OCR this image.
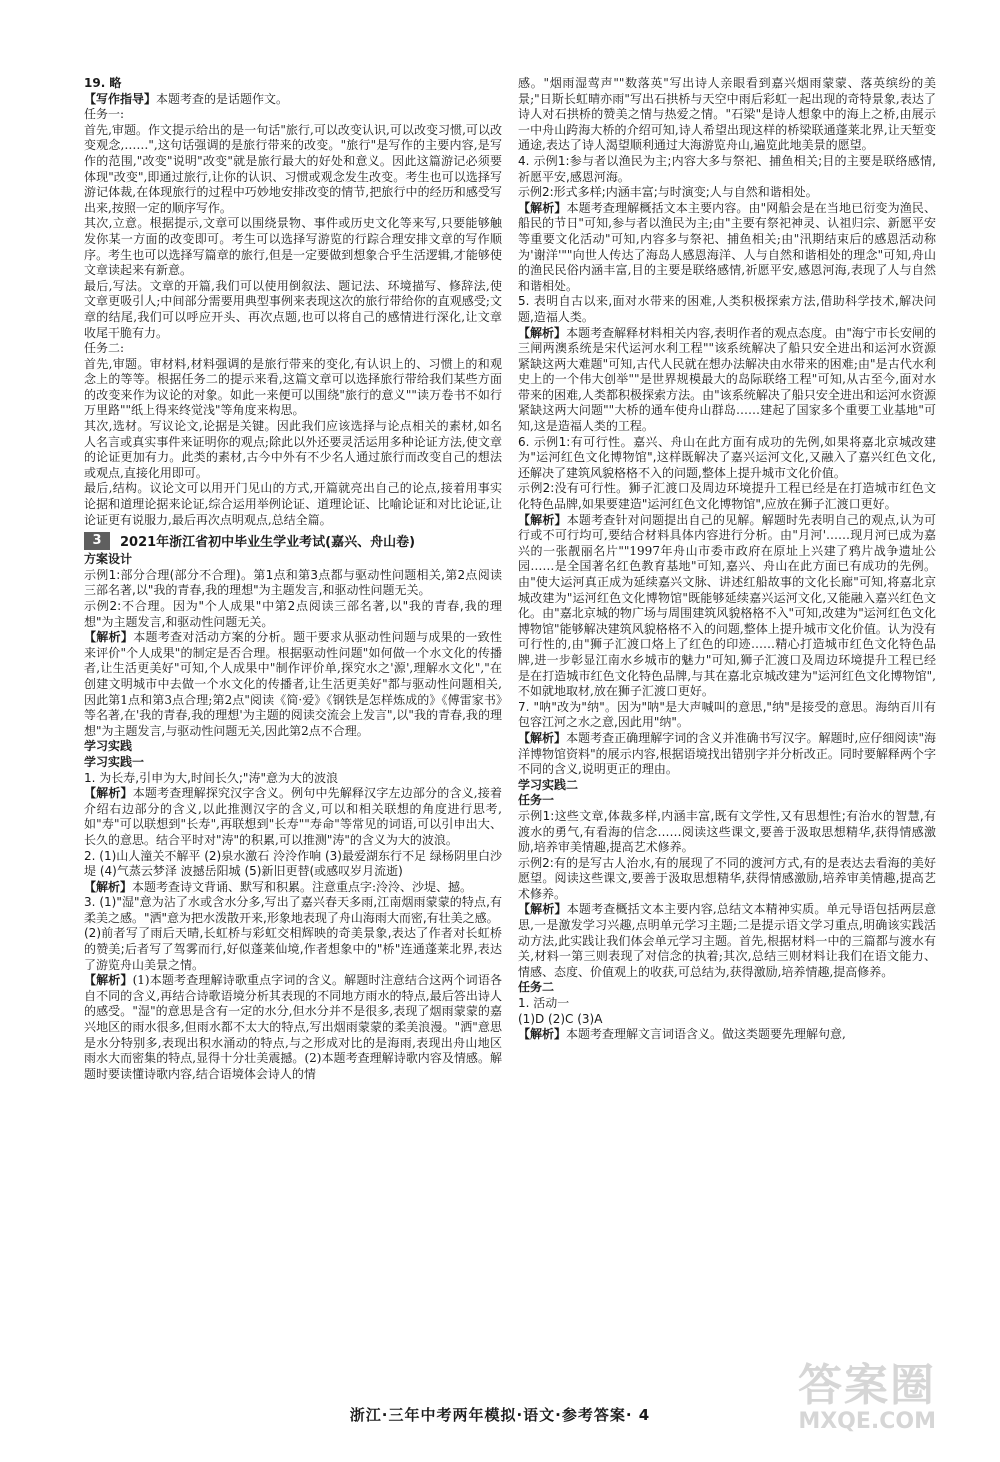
19. 略

【写作指导】本题考查的是话题作文。

任务一:

首先,审题。作文提示给出的是一句话"旅行,可以改变认识,可以改变习惯,可以改变观念,……",这句话强调的是旅行带来的改变。"旅行"是写作的主要内容,是写作的范围,"改变"说明"改变"就是旅行最大的好处和意义。因此这篇游记必须要体现"改变",即通过旅行,让你的认识、习惯或观念发生改变。考生也可以选择写游记体裁,在体现旅行的过程中巧妙地安排改变的情节,把旅行中的经历和感受写出来,按照一定的顺序写作。

其次,立意。根据提示,文章可以围绕景物、事件或历史文化等来写,只要能够触发你某一方面的改变即可。考生可以选择写游览的行踪合理安排文章的写作顺序。考生也可以选择写篇章的旅行,但是一定要做到想象合乎生活逻辑,才能够使文章读起来有新意。

最后,写法。文章的开篇,我们可以使用倒叙法、题记法、环境描写、修辞法,使文章更吸引人;中间部分需要用典型事例来表现这次的旅行带给你的直观感受;文章的结尾,我们可以呼应开头、再次点题,也可以将自己的感情进行深化,让文章收尾干脆有力。

任务二:

首先,审题。审材料,材料强调的是旅行带来的变化,有认识上的、习惯上的和观念上的等等。根据任务二的提示来看,这篇文章可以选择旅行带给我们某些方面的改变来作为议论的对象。如此一来便可以围绕"旅行的意义""读万卷书不如行万里路""纸上得来终觉浅"等角度来构思。

其次,选材。写议论文,论据是关键。因此我们应该选择与论点相关的素材,如名人名言或真实事件来证明你的观点;除此以外还要灵活运用多种论证方法,使文章的论证更加有力。此类的素材,古今中外有不少名人通过旅行而改变自己的想法或观点,直接化用即可。

最后,结构。议论文可以用开门见山的方式,开篇就亮出自己的论点,接着用事实论据和道理论据来论证,综合运用举例论证、道理论证、比喻论证和对比论证,让论证更有说服力,最后再次点明观点,总结全篇。

3	2021年浙江省初中毕业生学业考试(嘉兴、舟山卷)

方案设计

示例1:部分合理(部分不合理)。第1点和第3点都与驱动性问题相关,第2点阅读三部名著,以"我的青春,我的理想"为主题发言,和驱动性问题无关。

示例2:不合理。因为"个人成果"中第2点阅读三部名著,以"我的青春,我的理想"为主题发言,和驱动性问题无关。

【解析】本题考查对活动方案的分析。题干要求从驱动性问题与成果的一致性来评价"个人成果"的制定是否合理。根据驱动性问题"如何做一个水文化的传播者,让生活更美好"可知,个人成果中"制作评价单,探究水之'源',理解水文化","在创建文明城市中去做一个水文化的传播者,让生活更美好"都与驱动性问题相关,因此第1点和第3点合理;第2点"阅读《简·爱》《钢铁是怎样炼成的》《傅雷家书》等名著,在'我的青春,我的理想'为主题的阅读交流会上发言",以"我的青春,我的理想"为主题发言,与驱动性问题无关,因此第2点不合理。

学习实践

学习实践一

1. 为长寿,引申为大,时间长久;"涛"意为大的波浪

【解析】本题考查理解探究汉字含义。例句中先解释汉字左边部分的含义,接着介绍右边部分的含义,以此推测汉字的含义,可以和相关联想的角度进行思考,如"寿"可以联想到"长寿",再联想到"长寿""寿命"等常见的词语,可以引申出大、长久的意思。结合平时对"涛"的积累,可以推测"涛"的含义为大的波浪。

2. (1)山人潼关不解平 (2)泉水激石 泠泠作响 (3)最爱湖东行不足 绿杨阴里白沙堤 (4)气蒸云梦泽 波撼岳阳城 (5)新旧更替(或感叹岁月流逝)

【解析】本题考查诗文背诵、默写和积累。注意重点字:泠泠、沙堤、撼。

3. (1)"湿"意为沾了水或含水分多,写出了嘉兴春天多雨,江南烟雨蒙蒙的特点,有柔美之感。"洒"意为把水泼散开来,形象地表现了舟山海雨大而密,有壮美之感。

(2)前者写了雨后天晴,长虹桥与彩虹交相辉映的奇美景象,表达了作者对长虹桥的赞美;后者写了驾雾而行,好似蓬莱仙境,作者想象中的"桥"连通蓬莱北界,表达了游览舟山美景之情。

【解析】(1)本题考查理解诗歌重点字词的含义。解题时注意结合这两个词语各自不同的含义,再结合诗歌语境分析其表现的不同地方雨水的特点,最后答出诗人的感受。"湿"的意思是含有一定的水分,但水分并不是很多,表现了烟雨蒙蒙的嘉兴地区的雨水很多,但雨水都不太大的特点,写出烟雨蒙蒙的柔美浪漫。"洒"意思是水分特别多,表现出积水涌动的特点,与之形成对比的是海雨,表现出舟山地区雨水大而密集的特点,显得十分壮美震撼。(2)本题考查理解诗歌内容及情感。解题时要读懂诗歌内容,结合语境体会诗人的情

感。"烟雨湿莺声""数落英"写出诗人亲眼看到嘉兴烟雨蒙蒙、落英缤纷的美景;"日斯长虹晴亦雨"写出石拱桥与天空中雨后彩虹一起出现的奇特景象,表达了诗人对石拱桥的赞美之情与热爱之情。"石梁"是诗人想象中的海上之桥,由展示一中舟山跨海大桥的介绍可知,诗人希望出现这样的桥梁联通蓬莱北界,让天堑变通途,表达了诗人渴望顺利通过大海游览舟山,遍览此地美景的愿望。

4. 示例1:参与者以渔民为主;内容大多与祭祀、捕鱼相关;目的主要是联络感情,祈愿平安,感恩河海。

示例2:形式多样;内涵丰富;与时演变;人与自然和谐相处。

【解析】本题考查理解概括文本主要内容。由"网船会是在当地已衍变为渔民、船民的节日"可知,参与者以渔民为主;由"主要有祭祀神灵、认祖归宗、新愿平安等重要文化活动"可知,内容多与祭祀、捕鱼相关;由"汛期结束后的感恩活动称为'谢洋'""向世人传达了海岛人感恩海洋、人与自然和谐相处的理念"可知,舟山的渔民民俗内涵丰富,目的主要是联络感情,祈愿平安,感恩河海,表现了人与自然和谐相处。

5. 表明自古以来,面对水带来的困难,人类积极探索方法,借助科学技术,解决问题,造福人类。

【解析】本题考查解释材料相关内容,表明作者的观点态度。由"海宁市长安闸的三闸两澳系统是宋代运河水利工程""该系统解决了船只安全进出和运河水资源紧缺这两大难题"可知,古代人民就在想办法解决由水带来的困难;由"是古代水利史上的一个伟大创举""是世界规模最大的岛际联络工程"可知,从古至今,面对水带来的困难,人类都积极探索方法。由"该系统解决了船只安全进出和运河水资源紧缺这两大问题""大桥的通车使舟山群岛……建起了国家多个重要工业基地"可知,这是造福人类的工程。

6. 示例1:有可行性。嘉兴、舟山在此方面有成功的先例,如果将嘉北京城改建为"运河红色文化博物馆",这样既解决了嘉兴运河文化,又融入了嘉兴红色文化,还解决了建筑风貌格格不入的问题,整体上提升城市文化价值。

示例2:没有可行性。狮子汇渡口及周边环境提升工程已经是在打造城市红色文化特色品牌,如果要建造"运河红色文化博物馆",应放在狮子汇渡口更好。

【解析】本题考查针对问题提出自己的见解。解题时先表明自己的观点,认为可行或不可行均可,要结合材料具体内容进行分析。由"月河'……现月河已成为嘉兴的一张靓丽名片""1997年舟山市委市政府在原址上兴建了鸦片战争遗址公园……是全国著名红色教育基地"可知,嘉兴、舟山在此方面已有成功的先例。由"使大运河真正成为延续嘉兴文脉、讲述红船故事的文化长廊"可知,将嘉北京城改建为"运河红色文化博物馆"既能够延续嘉兴运河文化,又能融入嘉兴红色文化。由"嘉北京城的物广场与周围建筑风貌格格不入"可知,改建为"运河红色文化博物馆"能够解决建筑风貌格格不入的问题,整体上提升城市文化价值。认为没有可行性的,由"狮子汇渡口烙上了红色的印迹……精心打造城市红色文化特色品牌,进一步彰显江南水乡城市的魅力"可知,狮子汇渡口及周边环境提升工程已经是在打造城市红色文化特色品牌,与其在嘉北京城改建为"运河红色文化博物馆",不如就地取材,放在狮子汇渡口更好。

7. "呐"改为"纳"。因为"呐"是大声喊叫的意思,"纳"是接受的意思。海纳百川有包容江河之水之意,因此用"纳"。

【解析】本题考查正确理解字词的含义并准确书写汉字。解题时,应仔细阅读"海洋博物馆资料"的展示内容,根据语境找出错别字并分析改正。同时要解释两个字不同的含义,说明更正的理由。

学习实践二

任务一

示例1:这些文章,体裁多样,内涵丰富,既有文学性,又有思想性;有治水的智慧,有渡水的勇气,有看海的信念……阅读这些课文,要善于汲取思想精华,获得情感激励,培养审美情趣,提高艺术修养。

示例2:有的是写古人治水,有的展现了不同的渡河方式,有的是表达去看海的美好愿望。阅读这些课文,要善于汲取思想精华,获得情感激励,培养审美情趣,提高艺术修养。

【解析】本题考查概括文本主要内容,总结文本精神实质。单元导语包括两层意思,一是激发学习兴趣,点明单元学习主题;二是提示语文学习重点,明确该实践活动方法,此实践让我们体会单元学习主题。首先,根据材料一中的三篇都与渡水有关,材料一第三则表现了对信念的执着;其次,总结三则材料让我们在语文能力、情感、态度、价值观上的收获,可总结为,获得激励,培养情趣,提高修养。

任务二

1. 活动一

(1)D (2)C (3)A

【解析】本题考查理解文言词语含义。做这类题要先理解句意,

浙江·三年中考两年模拟·语文·参考答案· 4
答案圈
MXQE.COM
